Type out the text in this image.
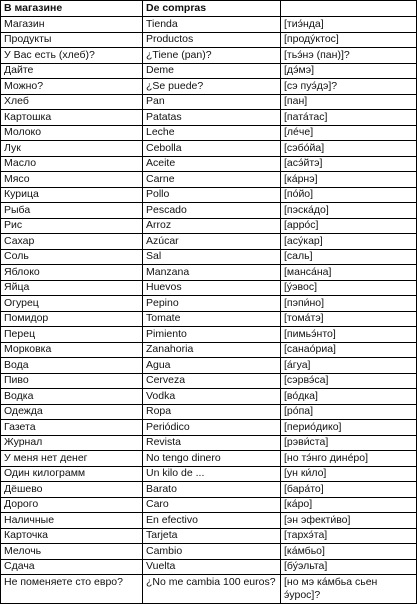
В магазине	De compras	
Магазин	Tienda	[тиэ́нда]
Продукты	Productos	[продýктос]
У Вас есть (хлеб)?	¿Tiene (pan)?	[тьэ́нэ (пан)]?
Дайте	Deme	[дэ́мэ]
Можно?	¿Se puede?	[сэ пуэ́дэ]?
Хлеб	Pan	[пан]
Картошка	Patatas	[пата́тас]
Молоко	Leche	[лéче]
Лук	Cebolla	[сэбо́йа]
Масло	Aceite	[асэ́йтэ]
Мясо	Carne	[ка́рнэ]
Курица	Pollo	[по́йо]
Рыба	Pescado	[пэска́до]
Рис	Arroz	[арро́с]
Сахар	Azúcar	[асу́кар]
Соль	Sal	[саль]
Яблоко	Manzana	[манса́на]
Яйца	Huevos	[у́эвос]
Огурец	Pepino	[пэпи́но]
Помидор	Tomate	[тома́тэ]
Перец	Pimiento	[пимьэ́нто]
Морковка	Zanahoria	[санао́риа]
Вода	Agua	[а́гуа]
Пиво	Cerveza	[сэрвэ́са]
Водка	Vodka	[во́дка]
Одежда	Ropa	[ро́па]
Газета	Periódico	[перио́дико]
Журнал	Revista	[рэви́ста]
У меня нет денег	No tengo dinero	[но тэ́нго дине́ро]
Один килограмм	Un kilo de ...	[ун ки́ло]
Дёшево	Barato	[бара́то]
Дорого	Caro	[ка́ро]
Наличные	En efectivo	[эн эфекти́во]
Карточка	Tarjeta	[тархэ́та]
Мелочь	Cambio	[ка́мбьо]
Сдача	Vuelta	[бу́эльта]
Не поменяете сто евро?	¿No me cambia 100 euros?	[но мэ ка́мбьа сьен э́урос]?
